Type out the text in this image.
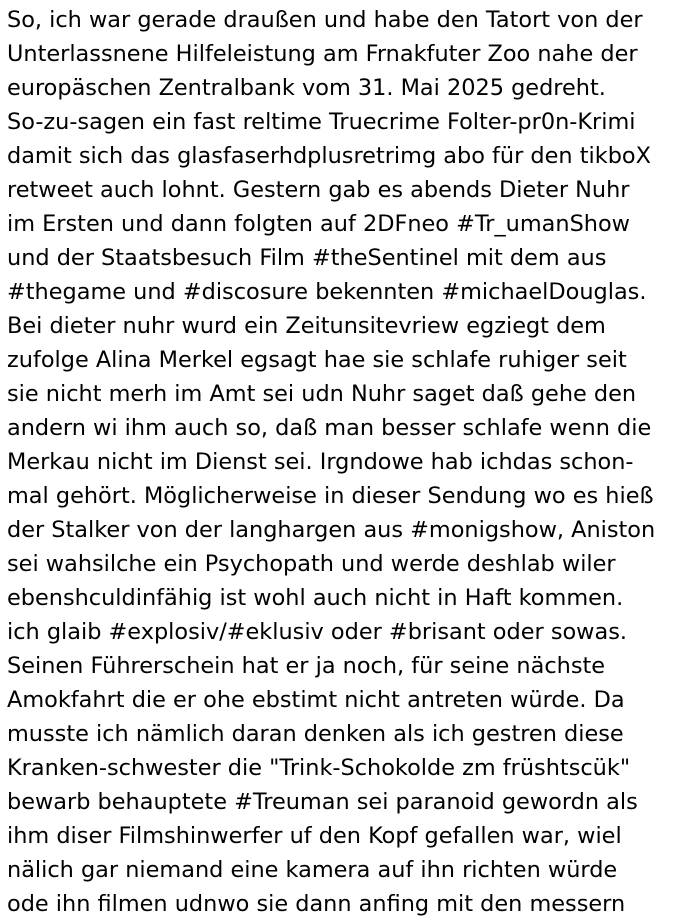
So, ich war gerade draußen und habe den Tatort von der
Unterlassnene Hilfeleistung am Frnakfuter Zoo nahe der
europäschen Zentralbank vom 31. Mai 2025 gedreht.
So-zu-sagen ein fast reltime Truecrime Folter-pr0n-Krimi
damit sich das glasfaserhdplusretrimg abo für den tikboX
retweet auch lohnt. Gestern gab es abends Dieter Nuhr
im Ersten und dann folgten auf 2DFneo #Tr_umanShow
und der Staatsbesuch Film #theSentinel mit dem aus
#thegame und #discosure bekennten #michaelDouglas.
Bei dieter nuhr wurd ein Zeitunsitevriew egziegt dem
zufolge Alina Merkel egsagt hae sie schlafe ruhiger seit
sie nicht merh im Amt sei udn Nuhr saget daß gehe den
andern wi ihm auch so, daß man besser schlafe wenn die
Merkau nicht im Dienst sei. Irgndowe hab ichdas schon-
mal gehört. Möglicherweise in dieser Sendung wo es hieß
der Stalker von der langhargen aus #monigshow, Aniston
sei wahsilche ein Psychopath und werde deshlab wiler
ebenshculdinfähig ist wohl auch nicht in Haft kommen.
ich glaib #explosiv/#eklusiv oder #brisant oder sowas.
Seinen Führerschein hat er ja noch, für seine nächste
Amokfahrt die er ohe ebstimt nicht antreten würde. Da
musste ich nämlich daran denken als ich gestren diese
Kranken-schwester die "Trink-Schokolde zm früshtscük"
bewarb behauptete #Treuman sei paranoid gewordn als
ihm diser Filmshinwerfer uf den Kopf gefallen war, wiel
nälich gar niemand eine kamera auf ihn richten würde
ode ihn filmen udnwo sie dann anfing mit den messern
